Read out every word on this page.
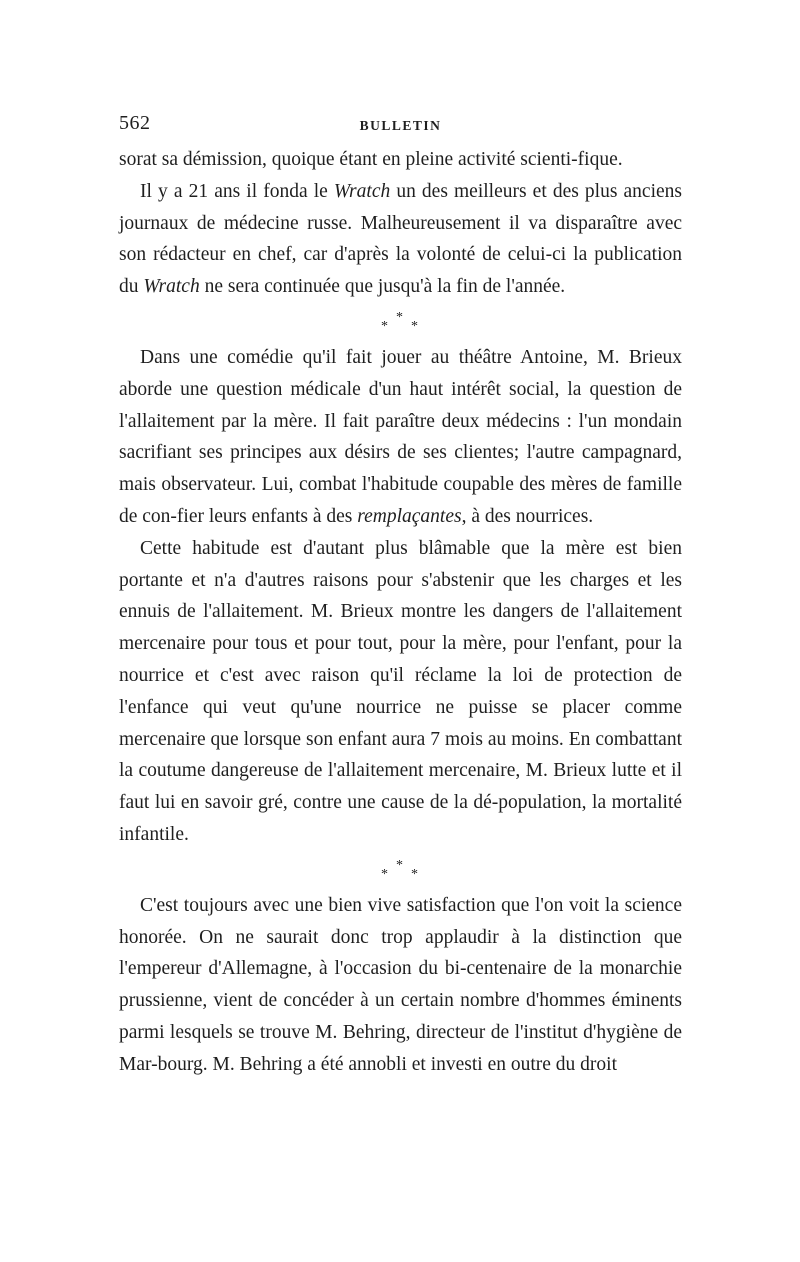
562	BULLETIN

sorat sa démission, quoique étant en pleine activité scienti-fique.

Il y a 21 ans il fonda le Wratch un des meilleurs et des plus anciens journaux de médecine russe. Malheureusement il va disparaître avec son rédacteur en chef, car d'après la volonté de celui-ci la publication du Wratch ne sera continuée que jusqu'à la fin de l'année.

*
* *

Dans une comédie qu'il fait jouer au théâtre Antoine, M. Brieux aborde une question médicale d'un haut intérêt social, la question de l'allaitement par la mère. Il fait paraître deux médecins : l'un mondain sacrifiant ses principes aux désirs de ses clientes; l'autre campagnard, mais observateur. Lui, combat l'habitude coupable des mères de famille de con-fier leurs enfants à des remplaçantes, à des nourrices.

Cette habitude est d'autant plus blâmable que la mère est bien portante et n'a d'autres raisons pour s'abstenir que les charges et les ennuis de l'allaitement. M. Brieux montre les dangers de l'allaitement mercenaire pour tous et pour tout, pour la mère, pour l'enfant, pour la nourrice et c'est avec raison qu'il réclame la loi de protection de l'enfance qui veut qu'une nourrice ne puisse se placer comme mercenaire que lorsque son enfant aura 7 mois au moins. En combattant la coutume dangereuse de l'allaitement mercenaire, M. Brieux lutte et il faut lui en savoir gré, contre une cause de la dé-population, la mortalité infantile.

*
* *

C'est toujours avec une bien vive satisfaction que l'on voit la science honorée. On ne saurait donc trop applaudir à la distinction que l'empereur d'Allemagne, à l'occasion du bi-centenaire de la monarchie prussienne, vient de concéder à un certain nombre d'hommes éminents parmi lesquels se trouve M. Behring, directeur de l'institut d'hygiène de Mar-bourg. M. Behring a été annobli et investi en outre du droit
